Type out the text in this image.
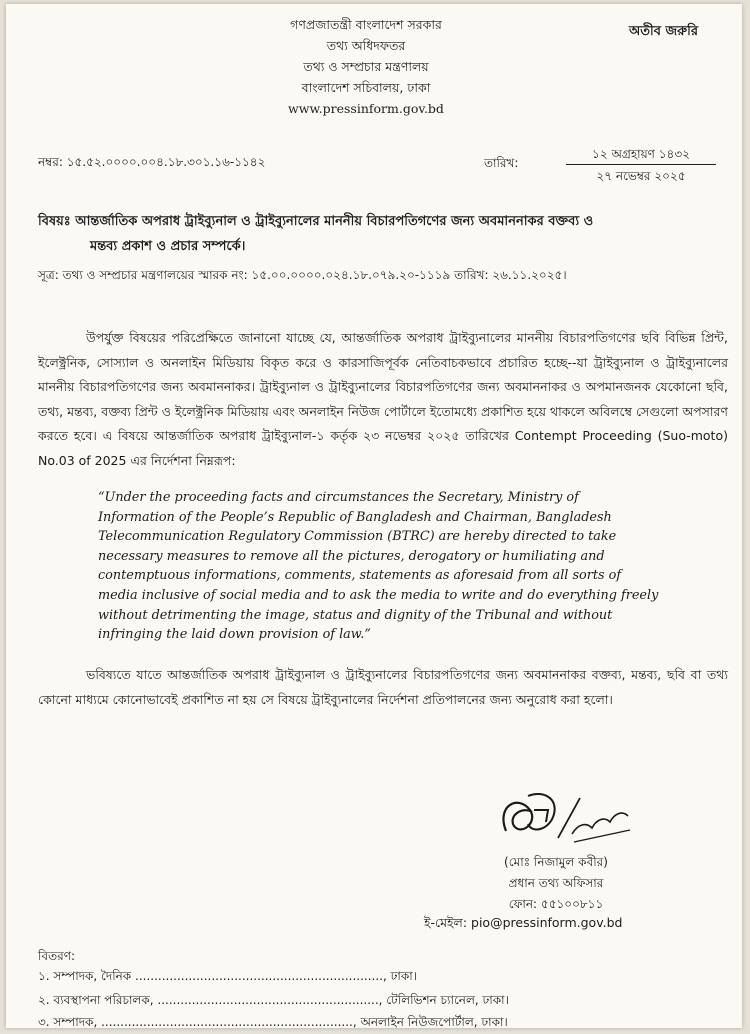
গণপ্রজাতন্ত্রী বাংলাদেশ সরকার
তথ্য অধিদফতর
তথ্য ও সম্প্রচার মন্ত্রণালয়
বাংলাদেশ সচিবালয়, ঢাকা
www.pressinform.gov.bd
অতীব জরুরি
নম্বর: ১৫.৫২.০০০০.০০৪.১৮.৩০১.১৬-১১৪২	তারিখ:
১২ অগ্রহায়ণ ১৪৩২
২৭ নভেম্বর ২০২৫
বিষয়ঃ আন্তর্জাতিক অপরাধ ট্রাইব্যুনাল ও ট্রাইব্যুনালের মাননীয় বিচারপতিগণের জন্য অবমাননাকর বক্তব্য ও
মন্তব্য প্রকাশ ও প্রচার সম্পর্কে।
সূত্র: তথ্য ও সম্প্রচার মন্ত্রণালয়ের স্মারক নং: ১৫.০০.০০০০.০২৪.১৮.০৭৯.২০-১১১৯ তারিখ: ২৬.১১.২০২৫।
উপর্যুক্ত বিষয়ের পরিপ্রেক্ষিতে জানানো যাচ্ছে যে, আন্তর্জাতিক অপরাধ ট্রাইব্যুনালের মাননীয় বিচারপতিগণের ছবি বিভিন্ন প্রিন্ট, ইলেক্ট্রনিক, সোস্যাল ও অনলাইন মিডিয়ায় বিকৃত করে ও কারসাজিপূর্বক নেতিবাচকভাবে প্রচারিত হচ্ছে--যা ট্রাইব্যুনাল ও ট্রাইব্যুনালের মাননীয় বিচারপতিগণের জন্য অবমাননাকর। ট্রাইব্যুনাল ও ট্রাইব্যুনালের বিচারপতিগণের জন্য অবমাননাকর ও অপমানজনক যেকোনো ছবি, তথ্য, মন্তব্য, বক্তব্য প্রিন্ট ও ইলেক্ট্রনিক মিডিয়ায় এবং অনলাইন নিউজ পোর্টালে ইতোমধ্যে প্রকাশিত হয়ে থাকলে অবিলম্বে সেগুলো অপসারণ করতে হবে। এ বিষয়ে আন্তর্জাতিক অপরাধ ট্রাইব্যুনাল-১ কর্তৃক ২৩ নভেম্বর ২০২৫ তারিখের Contempt Proceeding (Suo-moto) No.03 of 2025 এর নির্দেশনা নিম্নরূপ:
“Under the proceeding facts and circumstances the Secretary, Ministry of
Information of the People’s Republic of Bangladesh and Chairman, Bangladesh
Telecommunication Regulatory Commission (BTRC) are hereby directed to take
necessary measures to remove all the pictures, derogatory or humiliating and
contemptuous informations, comments, statements as aforesaid from all sorts of
media inclusive of social media and to ask the media to write and do everything freely
without detrimenting the image, status and dignity of the Tribunal and without
infringing the laid down provision of law.”
ভবিষ্যতে যাতে আন্তর্জাতিক অপরাধ ট্রাইব্যুনাল ও ট্রাইব্যুনালের বিচারপতিগণের জন্য অবমাননাকর বক্তব্য, মন্তব্য, ছবি বা তথ্য কোনো মাধ্যমে কোনোভাবেই প্রকাশিত না হয় সে বিষয়ে ট্রাইব্যুনালের নির্দেশনা প্রতিপালনের জন্য অনুরোধ করা হলো।
(মোঃ নিজামুল কবীর)
প্রধান তথ্য অফিসার
ফোন: ৫৫১০০৮১১
ই-মেইল: pio@pressinform.gov.bd
বিতরণ:
১. সম্পাদক, দৈনিক ................................................................., ঢাকা।
২. ব্যবস্থাপনা পরিচালক, .........................................................., টেলিভিশন চ্যানেল, ঢাকা।
৩. সম্পাদক, .................................................................., অনলাইন নিউজপোর্টাল, ঢাকা।
